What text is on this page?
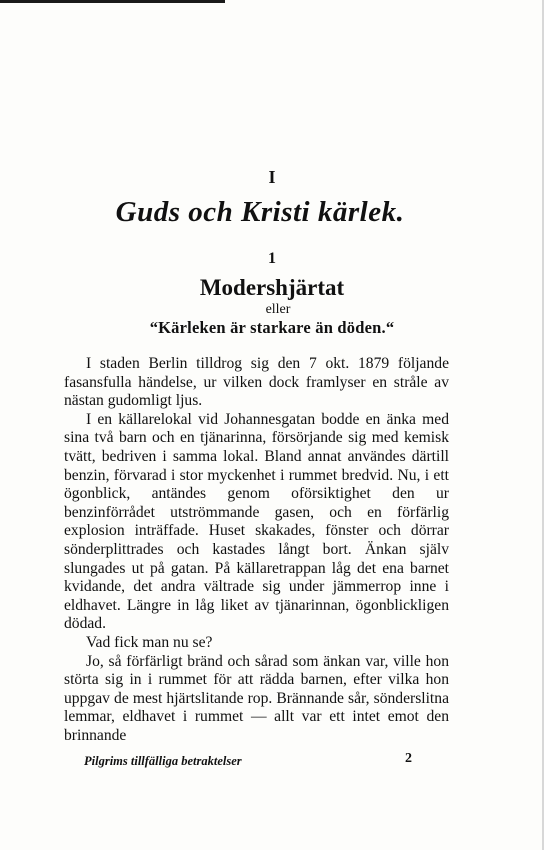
I
Guds och Kristi kärlek.
1
Modershjärtat
eller
“Kärleken är starkare än döden.“

I staden Berlin tilldrog sig den 7 okt. 1879 följande fasansfulla händelse, ur vilken dock framlyser en stråle av nästan gudomligt ljus.

I en källarelokal vid Johannesgatan bodde en änka med sina två barn och en tjänarinna, försörjande sig med kemisk tvätt, bedriven i samma lokal. Bland annat användes därtill benzin, förvarad i stor myckenhet i rummet bredvid. Nu, i ett ögonblick, antändes genom oförsiktighet den ur benzinförrådet utströmmande gasen, och en förfärlig explosion inträffade. Huset skakades, fönster och dörrar sönderplittrades och kastades långt bort. Änkan själv slungades ut på gatan. På källaretrappan låg det ena barnet kvidande, det andra vältrade sig under jämmerrop inne i eldhavet. Längre in låg liket av tjänarinnan, ögonblickligen dödad.

Vad fick man nu se?

Jo, så förfärligt bränd och sårad som änkan var, ville hon störta sig in i rummet för att rädda barnen, efter vilka hon uppgav de mest hjärtslitande rop. Brännande sår, sönderslitna lemmar, eldhavet i rummet — allt var ett intet emot den brinnande

Pilgrims tillfälliga betraktelser	2
